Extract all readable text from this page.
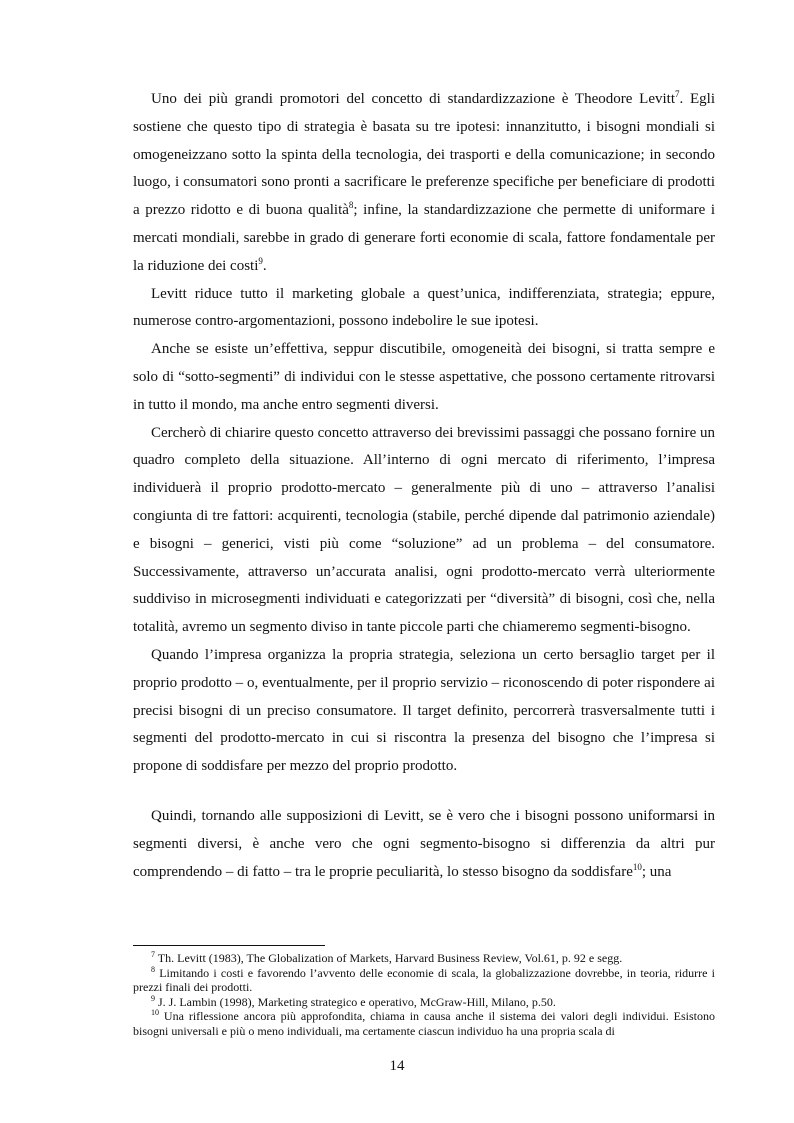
Uno dei più grandi promotori del concetto di standardizzazione è Theodore Levitt$^7$. Egli sostiene che questo tipo di strategia è basata su tre ipotesi: innanzitutto, i bisogni mondiali si omogeneizzano sotto la spinta della tecnologia, dei trasporti e della comunicazione; in secondo luogo, i consumatori sono pronti a sacrificare le preferenze specifiche per beneficiare di prodotti a prezzo ridotto e di buona qualità$^8$; infine, la standardizzazione che permette di uniformare i mercati mondiali, sarebbe in grado di generare forti economie di scala, fattore fondamentale per la riduzione dei costi$^9$.

Levitt riduce tutto il marketing globale a quest’unica, indifferenziata, strategia; eppure, numerose contro-argomentazioni, possono indebolire le sue ipotesi.

Anche se esiste un’effettiva, seppur discutibile, omogeneità dei bisogni, si tratta sempre e solo di “sotto-segmenti” di individui con le stesse aspettative, che possono certamente ritrovarsi in tutto il mondo, ma anche entro segmenti diversi.

Cercherò di chiarire questo concetto attraverso dei brevissimi passaggi che possano fornire un quadro completo della situazione. All’interno di ogni mercato di riferimento, l’impresa individuerà il proprio prodotto-mercato – generalmente più di uno – attraverso l’analisi congiunta di tre fattori: acquirenti, tecnologia (stabile, perché dipende dal patrimonio aziendale) e bisogni – generici, visti più come “soluzione” ad un problema – del consumatore. Successivamente, attraverso un’accurata analisi, ogni prodotto-mercato verrà ulteriormente suddiviso in microsegmenti individuati e categorizzati per “diversità” di bisogni, così che, nella totalità, avremo un segmento diviso in tante piccole parti che chiameremo segmenti-bisogno.

Quando l’impresa organizza la propria strategia, seleziona un certo bersaglio target per il proprio prodotto – o, eventualmente, per il proprio servizio – riconoscendo di poter rispondere ai precisi bisogni di un preciso consumatore. Il target definito, percorrerà trasversalmente tutti i segmenti del prodotto-mercato in cui si riscontra la presenza del bisogno che l’impresa si propone di soddisfare per mezzo del proprio prodotto.

Quindi, tornando alle supposizioni di Levitt, se è vero che i bisogni possono uniformarsi in segmenti diversi, è anche vero che ogni segmento-bisogno si differenzia da altri pur comprendendo – di fatto – tra le proprie peculiarità, lo stesso bisogno da soddisfare$^{10}$; una

$^7$ Th. Levitt (1983), The Globalization of Markets, Harvard Business Review, Vol.61, p. 92 e segg.

$^8$ Limitando i costi e favorendo l’avvento delle economie di scala, la globalizzazione dovrebbe, in teoria, ridurre i prezzi finali dei prodotti.

$^9$ J. J. Lambin (1998), Marketing strategico e operativo, McGraw-Hill, Milano, p.50.

$^{10}$ Una riflessione ancora più approfondita, chiama in causa anche il sistema dei valori degli individui. Esistono bisogni universali e più o meno individuali, ma certamente ciascun individuo ha una propria scala di

14
